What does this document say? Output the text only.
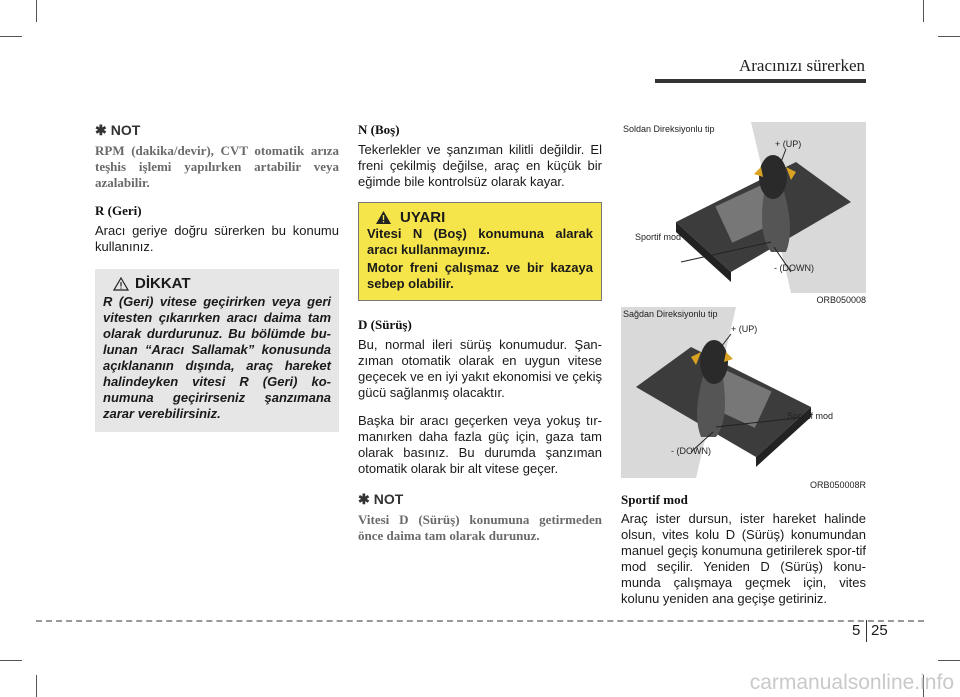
Aracınızı sürerken
✱ NOT

RPM (dakika/devir), CVT otomatik arıza teşhis işlemi yapılırken artabilir veya azalabilir.

R (Geri)

Aracı geriye doğru sürerken bu konumu kullanınız.

DİKKAT

R (Geri) vitese geçirirken veya geri vitesten çıkarırken aracı daima tam olarak durdurunuz. Bu bölümde bu-lunan “Aracı Sallamak” konusunda açıklananın dışında, araç hareket halindeyken vitesi R (Geri) ko-numuna geçirirseniz şanzımana zarar verebilirsiniz.

N (Boş)

Tekerlekler ve şanzıman kilitli değildir. El freni çekilmiş değilse, araç en küçük bir eğimde bile kontrolsüz olarak kayar.

UYARI

Vitesi N (Boş) konumuna alarak aracı kullanmayınız.

Motor freni çalışmaz ve bir kazaya sebep olabilir.

D (Sürüş)

Bu, normal ileri sürüş konumudur. Şan-zıman otomatik olarak en uygun vitese geçecek ve en iyi yakıt ekonomisi ve çekiş gücü sağlanmış olacaktır.

Başka bir aracı geçerken veya yokuş tır-manırken daha fazla güç için, gaza tam olarak basınız. Bu durumda şanzıman otomatik olarak bir alt vitese geçer.

✱ NOT

Vitesi D (Sürüş) konumuna getirmeden önce daima tam olarak durunuz.

Soldan Direksiyonlu tip
+ (UP)
Sportif mod
- (DOWN)
ORB050008
Sağdan Direksiyonlu tip
+ (UP)
Sportif mod
- (DOWN)
ORB050008R

Sportif mod

Araç ister dursun, ister hareket halinde olsun, vites kolu D (Sürüş) konumundan manuel geçiş konumuna getirilerek spor-tif mod seçilir. Yeniden D (Sürüş) konu-munda çalışmaya geçmek için, vites kolunu yeniden ana geçişe getiriniz.

5 25
carmanualsonline.info
